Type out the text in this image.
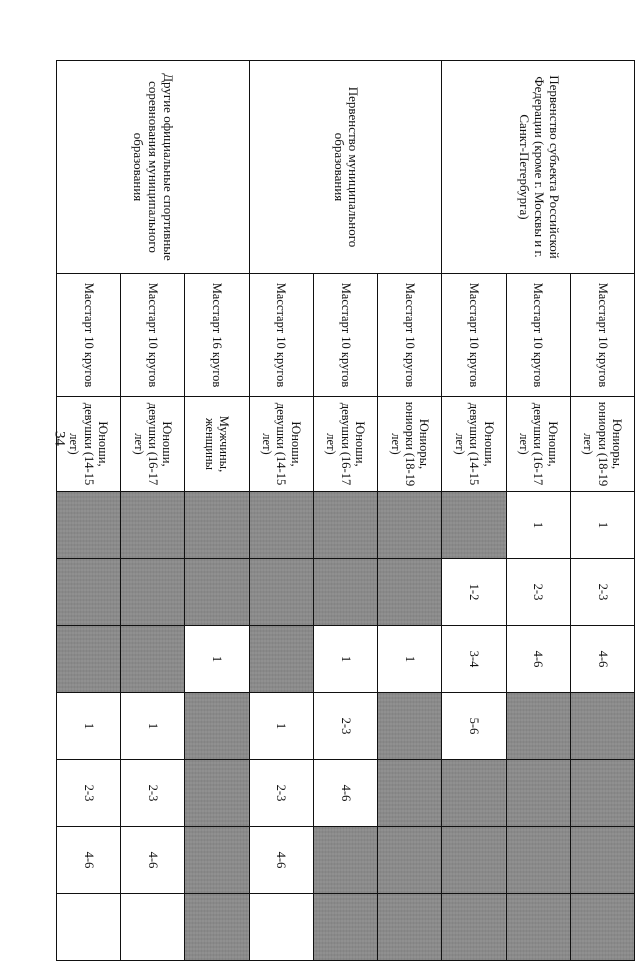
34
Первенство субъекта Российской Федерации (кроме г. Москвы и г. Санкт-Петербурга)	Масстарт 10 кругов	Юниоры, юниорки (18-19 лет)	1	2-3	4-6				
	Масстарт 10 кругов	Юноши, девушки (16-17 лет)	1	2-3	4-6				
	Масстарт 10 кругов	Юноши, девушки (14-15 лет)		1-2	3-4	5-6			
Первенство муниципального образования	Масстарт 10 кругов	Юниоры, юниорки (18-19 лет)			1				
	Масстарт 10 кругов	Юноши, девушки (16-17 лет)			1	2-3	4-6		
	Масстарт 10 кругов	Юноши, девушки (14-15 лет)				1	2-3	4-6	
Другие официальные спортивные соревнования муниципального образования	Масстарт 16 кругов	Мужчины, женщины			1				
	Масстарт 10 кругов	Юноши, девушки (16-17 лет)				1	2-3	4-6	
	Масстарт 10 кругов	Юноши, девушки (14-15 лет)				1	2-3	4-6	
